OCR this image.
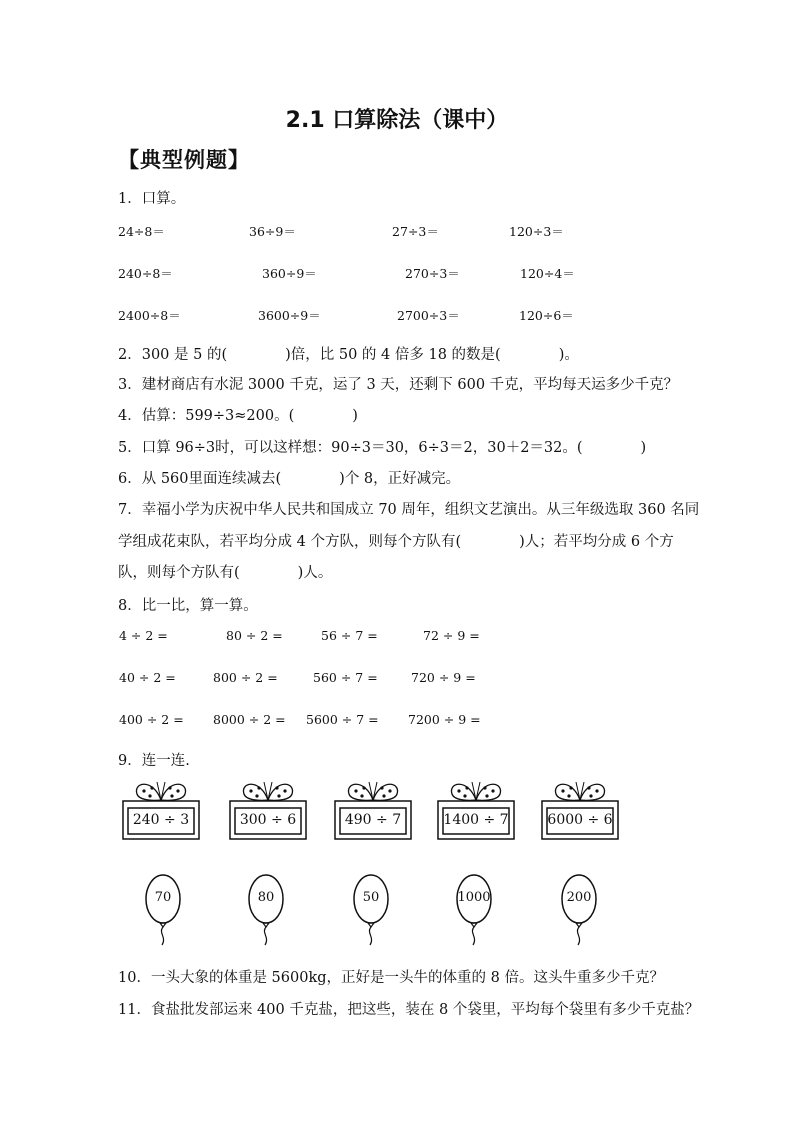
2.1 口算除法（课中）
【典型例题】
1．口算。
24÷8＝	36÷9＝	27÷3＝	120÷3＝
240÷8＝	360÷9＝	270÷3＝	120÷4＝
2400÷8＝	3600÷9＝	2700÷3＝	120÷6＝
2．300 是 5 的(　　　　)倍，比 50 的 4 倍多 18 的数是(　　　　)。
3．建材商店有水泥 3000 千克，运了 3 天，还剩下 600 千克，平均每天运多少千克？
4．估算：599÷3≈200。(　　　　)
5．口算 96÷3时，可以这样想：90÷3＝30，6÷3＝2，30＋2＝32。(　　　　)
6．从 560里面连续减去(　　　　)个 8，正好减完。
7．幸福小学为庆祝中华人民共和国成立 70 周年，组织文艺演出。从三年级选取 360 名同
学组成花束队，若平均分成 4 个方队，则每个方队有(　　　　)人；若平均分成 6 个方
队，则每个方队有(　　　　)人。
8．比一比，算一算。
4 ÷ 2 =	80 ÷ 2 =	56 ÷ 7 =	72 ÷ 9 =
40 ÷ 2 =	800 ÷ 2 =	560 ÷ 7 =	720 ÷ 9 =
400 ÷ 2 = 8000 ÷ 2 = 5600 ÷ 7 = 7200 ÷ 9 =
9．连一连.
240 ÷ 3	300 ÷ 6	490 ÷ 7	1400 ÷ 7	6000 ÷ 6
70	80	50	1000	200
10．一头大象的体重是 5600kg，正好是一头牛的体重的 8 倍。这头牛重多少千克？
11．食盐批发部运来 400 千克盐，把这些，装在 8 个袋里，平均每个袋里有多少千克盐？
